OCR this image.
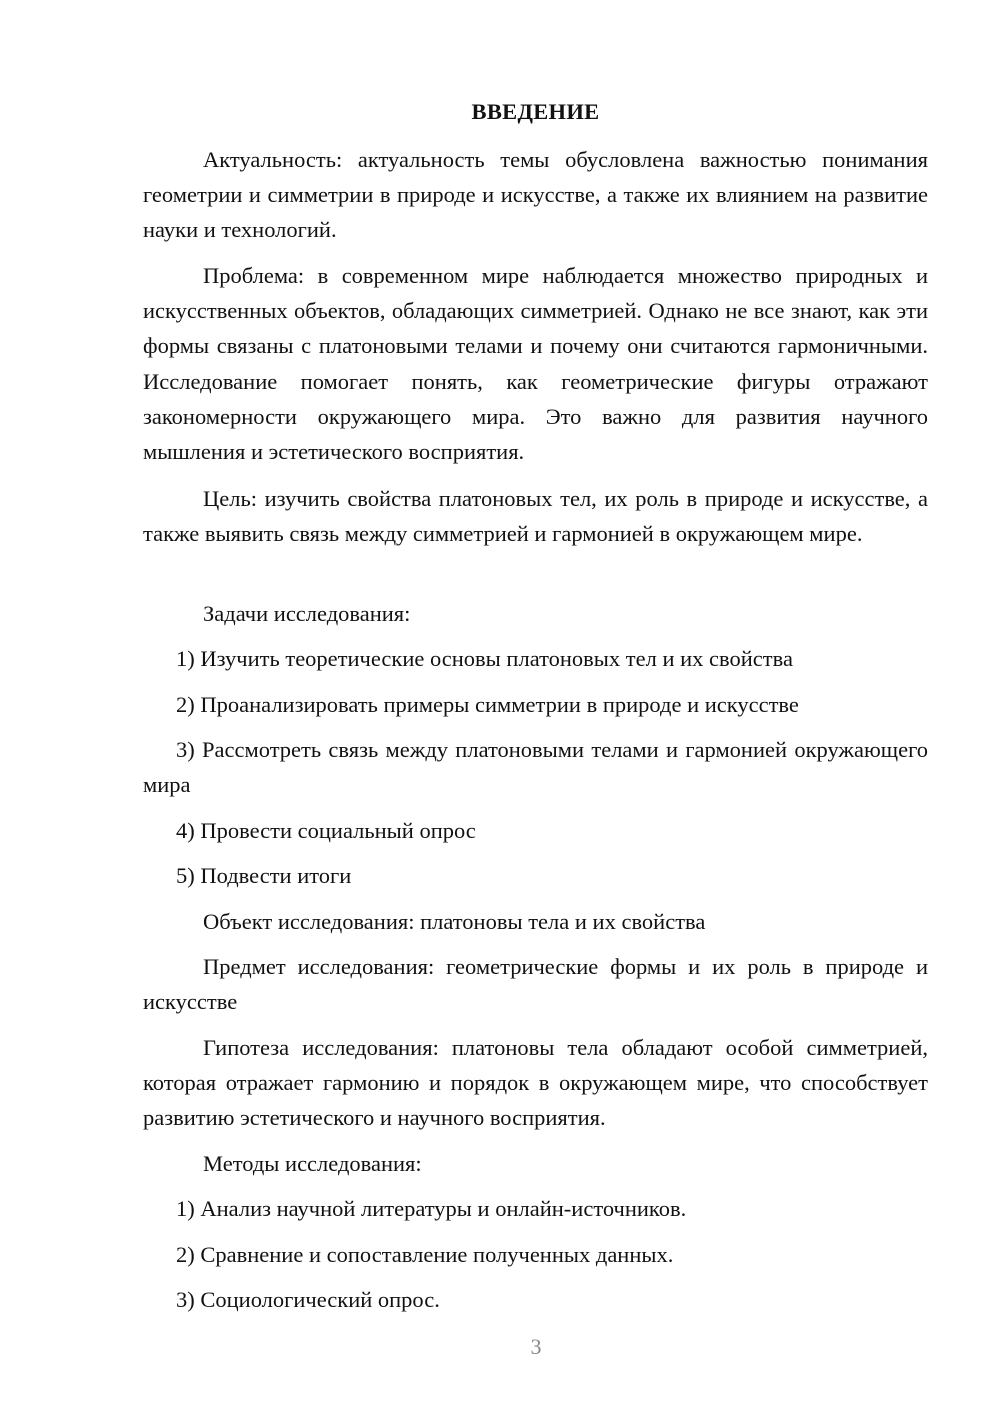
ВВЕДЕНИЕ

Актуальность: актуальность темы обусловлена важностью понимания геометрии и симметрии в природе и искусстве, а также их влиянием на развитие науки и технологий.

Проблема: в современном мире наблюдается множество природных и искусственных объектов, обладающих симметрией. Однако не все знают, как эти формы связаны с платоновыми телами и почему они считаются гармоничными. Исследование помогает понять, как геометрические фигуры отражают закономерности окружающего мира. Это важно для развития научного мышления и эстетического восприятия.

Цель: изучить свойства платоновых тел, их роль в природе и искусстве, а также выявить связь между симметрией и гармонией в окружающем мире.

Задачи исследования:

1) Изучить теоретические основы платоновых тел и их свойства

2) Проанализировать примеры симметрии в природе и искусстве

3) Рассмотреть связь между платоновыми телами и гармонией окружающего мира

4) Провести социальный опрос

5) Подвести итоги

Объект исследования: платоновы тела и их свойства

Предмет исследования: геометрические формы и их роль в природе и искусстве

Гипотеза исследования: платоновы тела обладают особой симметрией, которая отражает гармонию и порядок в окружающем мире, что способствует развитию эстетического и научного восприятия.

Методы исследования:

1) Анализ научной литературы и онлайн-источников.

2) Сравнение и сопоставление полученных данных.

3) Социологический опрос.

3
